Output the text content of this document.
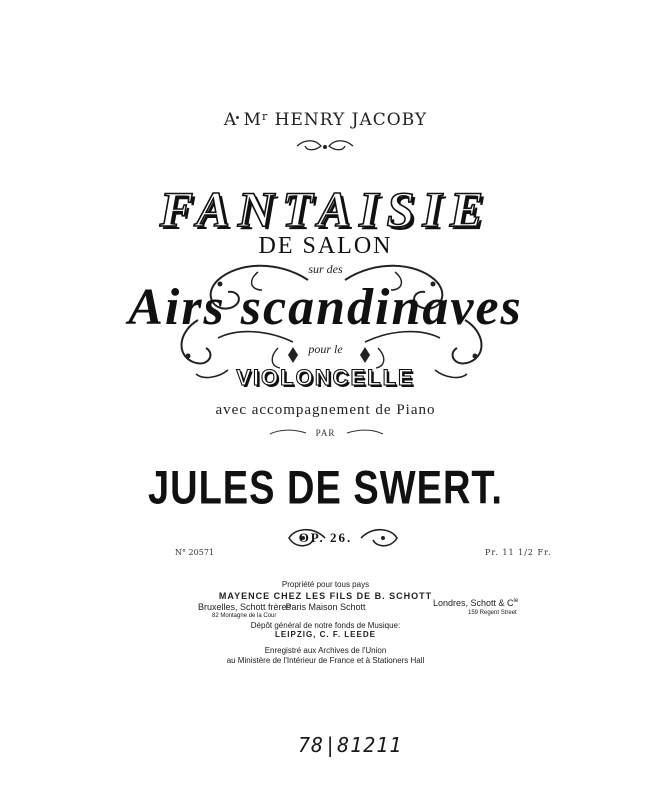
A $M^r$ HENRY JACOBY
FANTAISIE
DE SALON
sur des
Airs scandinaves
pour le
VIOLONCELLE
avec accompagnement de Piano
PAR
JULES DE SWERT.
OP. 26.
N° 20571	Pr. 11 1/2 Fr.
Propriété pour tous pays
MAYENCE CHEZ LES FILS DE B. SCHOTT
Paris Maison Schott
Bruxelles, Schott frères
82 Montagne de la Cour
Londres, Schott & $C^{ie}$
159 Regent Street
Dépôt général de notre fonds de Musique:
LEIPZIG, C. F. LEEDE
Enregistré aux Archives de l'Union
au Ministère de l'Intérieur de France et à Stationers Hall
78|81211
